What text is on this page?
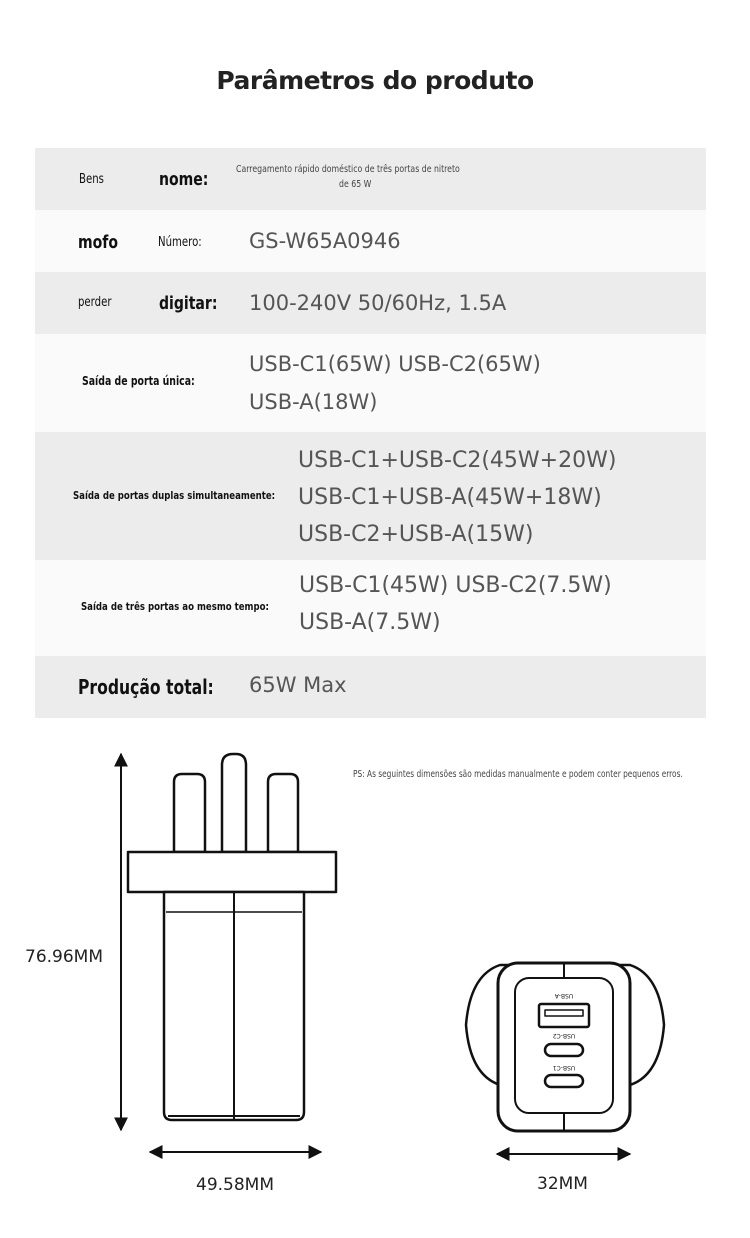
Parâmetros do produto
Bens	nome:	Carregamento rápido doméstico de três portas de nitreto
de 65 W
mofo	Número: GS-W65A0946
perder	digitar: 100-240V 50/60Hz, 1.5A
Saída de porta única:
USB-C1(65W) USB-C2(65W)
USB-A(18W)
Saída de portas duplas simultaneamente:
USB-C1+USB-C2(45W+20W)
USB-C1+USB-A(45W+18W)
USB-C2+USB-A(15W)
Saída de três portas ao mesmo tempo:
USB-C1(45W) USB-C2(7.5W)
USB-A(7.5W)
Produção total: 65W Max
PS: As seguintes dimensões são medidas manualmente e podem conter pequenos erros.
USB-A
USB-C2
USB-C1
76.96MM
49.58MM	32MM
